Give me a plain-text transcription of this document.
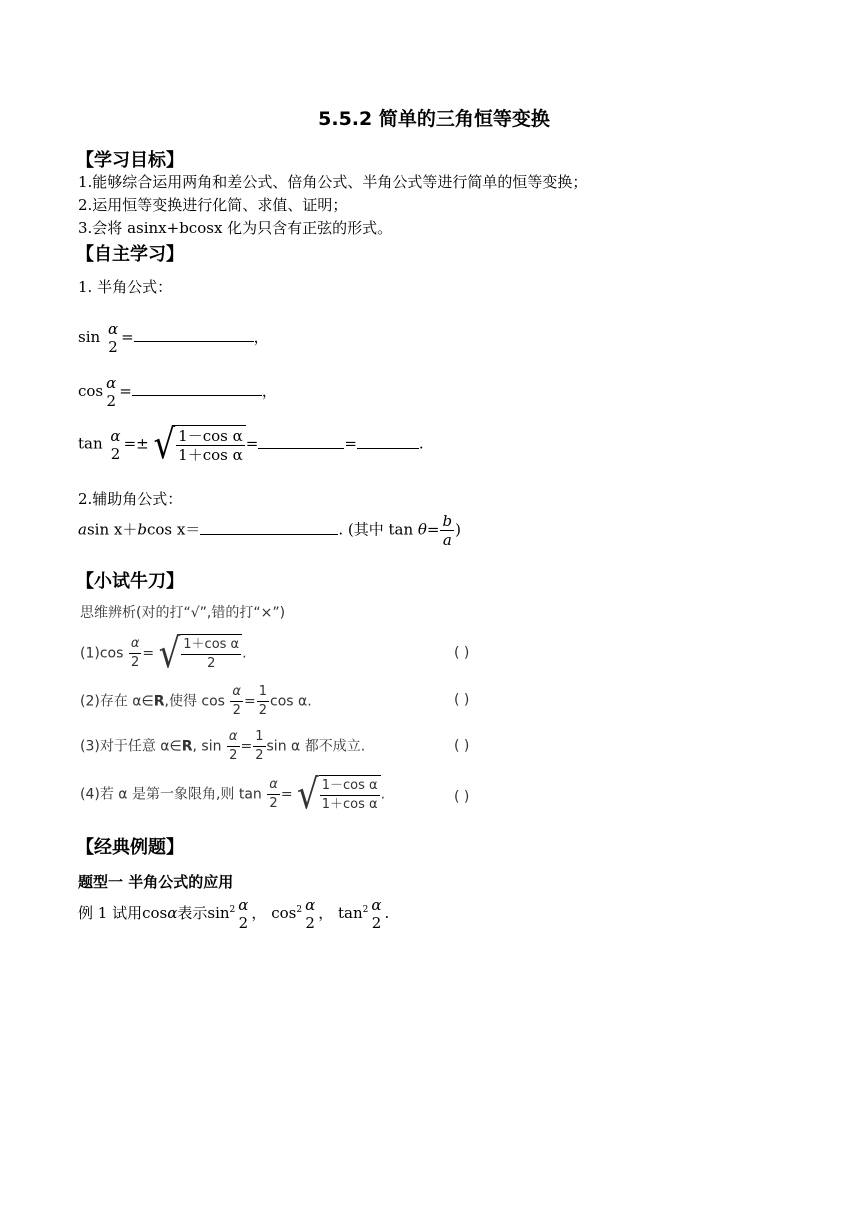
5.5.2 简单的三角恒等变换
【学习目标】
1.能够综合运用两角和差公式、倍角公式、半角公式等进行简单的恒等变换；
2.运用恒等变换进行化简、求值、证明；
3.会将 asinx+bcosx 化为只含有正弦的形式。
【自主学习】
1. 半角公式：
sin α
2
=	，
cos α
2
=	，
tan α
2
=± √ $\frac{\text{1－cos α}}{\text{1＋cos α}}$ =	=	.
2.辅助角公式：
asin x＋bcos x＝	. (其中 $\tan \theta= \frac{b}{a}$ )
【小试牛刀】
思维辨析(对的打“√”,错的打“×”)
$(1)\cos \frac{\alpha}{2}$ = √ $\frac{\text{1＋cos α}}{2}$ .	( )
(2)存在 α∈R,使得 $\cos \frac{\alpha}{2} = \frac{1}{2}$ cos α.	( )
(3)对于任意 α∈R, $\sin \frac{\alpha}{2} = \frac{1}{2}$ sin α 都不成立.	( )
(4)若 α 是第一象限角,则 $\tan \frac{\alpha}{2}$ = √ $\frac{\text{1－cos α}}{\text{1＋cos α}}$ .	( )
【经典例题】
题型一 半角公式的应用
例 1 试用cosα表示$\sin^2 \alpha$
2
， $\cos^2 \alpha$
2
， $\tan^2 \alpha$
2
.
